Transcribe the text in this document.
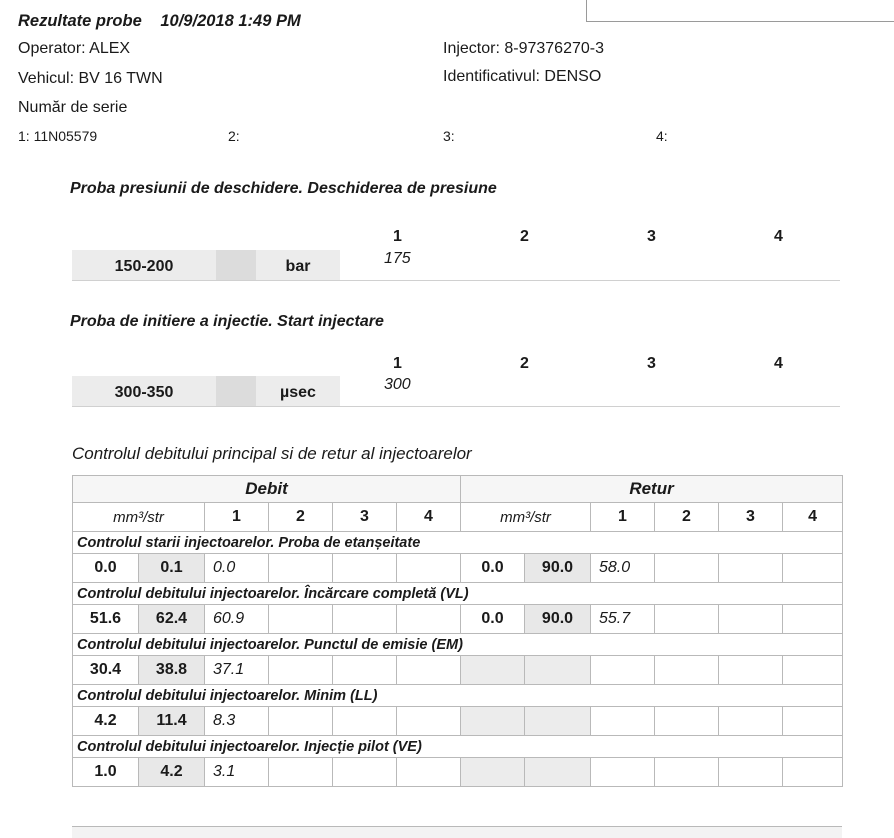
Rezultate probe 10/9/2018 1:49 PM
Operator: ALEX
Vehicul: BV 16 TWN
Număr de serie
1: 11N05579	2:	3:	4:
Injector: 8-97376270-3
Identificativul: DENSO
Proba presiunii de deschidere. Deschiderea de presiune
1	2	3	4
150-200	bar	175
Proba de initiere a injectie. Start injectare
1	2	3	4
300-350	µsec	300
Controlul debitului principal si de retur al injectoarelor
Debit						Retur					
mm³/str		1	2	3	4	mm³/str		1	2	3	4
Controlul starii injectoarelor. Proba de etanșeitate											
0.0	0.1	0.0				0.0	90.0	58.0			
Controlul debitului injectoarelor. Încărcare completă (VL)											
51.6	62.4	60.9				0.0	90.0	55.7			
Controlul debitului injectoarelor. Punctul de emisie (EM)											
30.4	38.8	37.1									
Controlul debitului injectoarelor. Minim (LL)											
4.2	11.4	8.3									
Controlul debitului injectoarelor. Injecție pilot (VE)											
1.0	4.2	3.1									
